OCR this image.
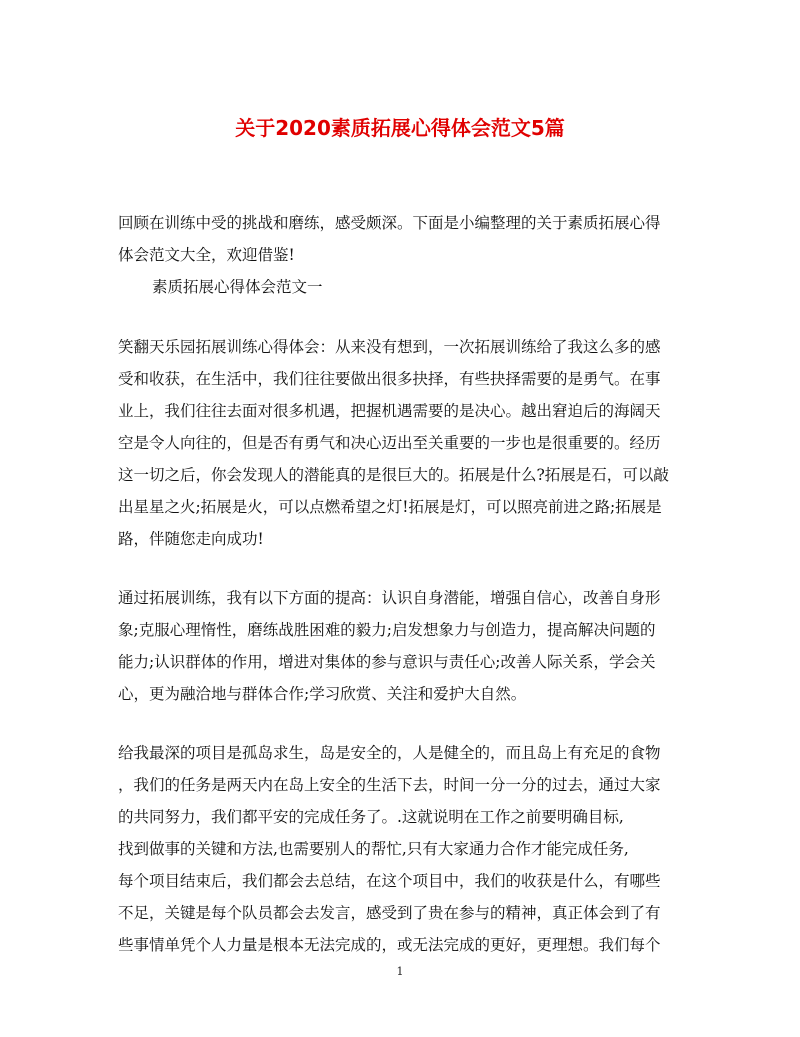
关于2020素质拓展心得体会范文5篇
回顾在训练中受的挑战和磨练，感受颇深。下面是小编整理的关于素质拓展心得
体会范文大全，欢迎借鉴!
素质拓展心得体会范文一
笑翻天乐园拓展训练心得体会：从来没有想到，一次拓展训练给了我这么多的感
受和收获，在生活中，我们往往要做出很多抉择，有些抉择需要的是勇气。在事
业上，我们往往去面对很多机遇，把握机遇需要的是决心。越出窘迫后的海阔天
空是令人向往的，但是否有勇气和决心迈出至关重要的一步也是很重要的。经历
这一切之后，你会发现人的潜能真的是很巨大的。拓展是什么?拓展是石，可以敲
出星星之火;拓展是火，可以点燃希望之灯!拓展是灯，可以照亮前进之路;拓展是
路，伴随您走向成功!
通过拓展训练，我有以下方面的提高：认识自身潜能，增强自信心，改善自身形
象;克服心理惰性，磨练战胜困难的毅力;启发想象力与创造力，提高解决问题的
能力;认识群体的作用，增进对集体的参与意识与责任心;改善人际关系，学会关
心，更为融洽地与群体合作;学习欣赏、关注和爱护大自然。
给我最深的项目是孤岛求生，岛是安全的，人是健全的，而且岛上有充足的食物
，我们的任务是两天内在岛上安全的生活下去，时间一分一分的过去，通过大家
的共同努力，我们都平安的完成任务了。.这就说明在工作之前要明确目标,
找到做事的关键和方法,也需要别人的帮忙,只有大家通力合作才能完成任务,
每个项目结束后，我们都会去总结，在这个项目中，我们的收获是什么，有哪些
不足，关键是每个队员都会去发言，感受到了贵在参与的精神，真正体会到了有
些事情单凭个人力量是根本无法完成的，或无法完成的更好，更理想。我们每个
1
